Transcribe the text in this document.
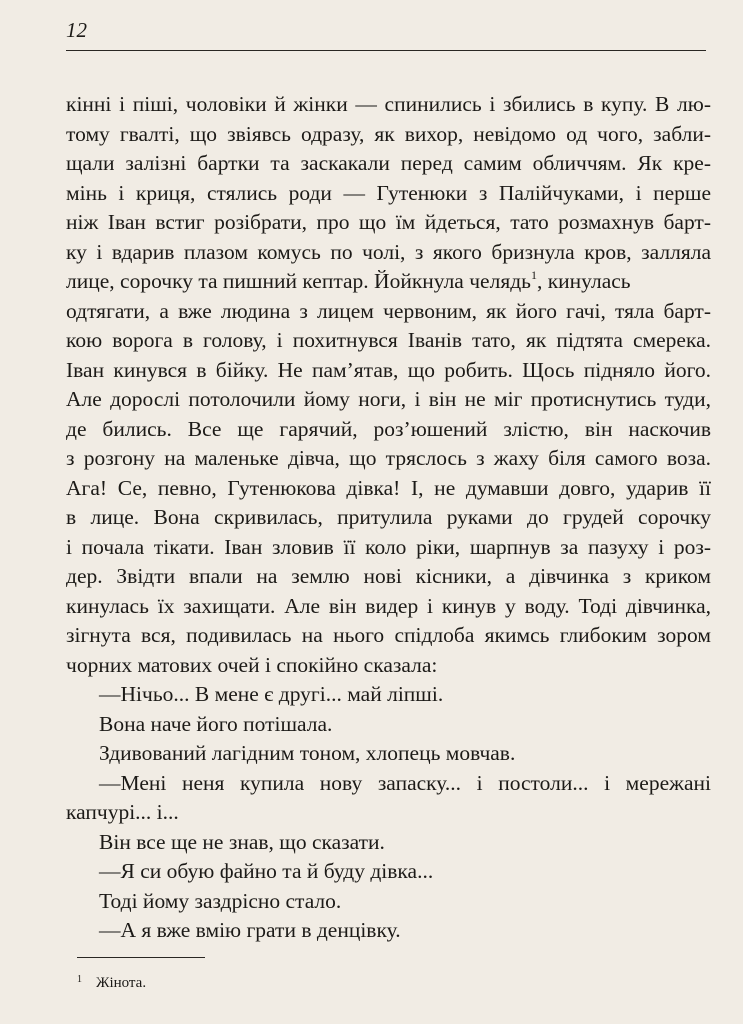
12
кінні і піші, чоловіки й жінки — спинились і збились в купу. В лю-
тому гвалті, що звіявсь одразу, як вихор, невідомо од чого, забли-
щали залізні бартки та заскакали перед самим обличчям. Як кре-
мінь і криця, стялись роди — Гутенюки з Палійчуками, і перше
ніж Іван встиг розібрати, про що їм йдеться, тато розмахнув барт-
ку і вдарив плазом комусь по чолі, з якого бризнула кров, залляла
лице, сорочку та пишний кептар. Йойкнула челядь$^1$, кинулась
одтягати, а вже людина з лицем червоним, як його гачі, тяла барт-
кою ворога в голову, і похитнувся Іванів тато, як підтята смерека.
Іван кинувся в бійку. Не пам’ятав, що робить. Щось підняло його.
Але дорослі потолочили йому ноги, і він не міг протиснутись туди,
де бились. Все ще гарячий, роз’юшений злістю, він наскочив
з розгону на маленьке дівча, що тряслось з жаху біля самого воза.
Ага! Се, певно, Гутенюкова дівка! І, не думавши довго, ударив її
в лице. Вона скривилась, притулила руками до грудей сорочку
і почала тікати. Іван зловив її коло ріки, шарпнув за пазуху і роз-
дер. Звідти впали на землю нові кісники, а дівчинка з криком
кинулась їх захищати. Але він видер і кинув у воду. Тоді дівчинка,
зігнута вся, подивилась на нього спідлоба якимсь глибоким зором
чорних матових очей і спокійно сказала:
—Нічьо... В мене є другі... май ліпші.
Вона наче його потішала.
Здивований лагідним тоном, хлопець мовчав.
—Мені неня купила нову запаску... і постоли... і мережані
капчурі... і...
Він все ще не знав, що сказати.
—Я си обую файно та й буду дівка...
Тоді йому заздрісно стало.
—А я вже вмію грати в денцівку.
$^1$ Жінота.
